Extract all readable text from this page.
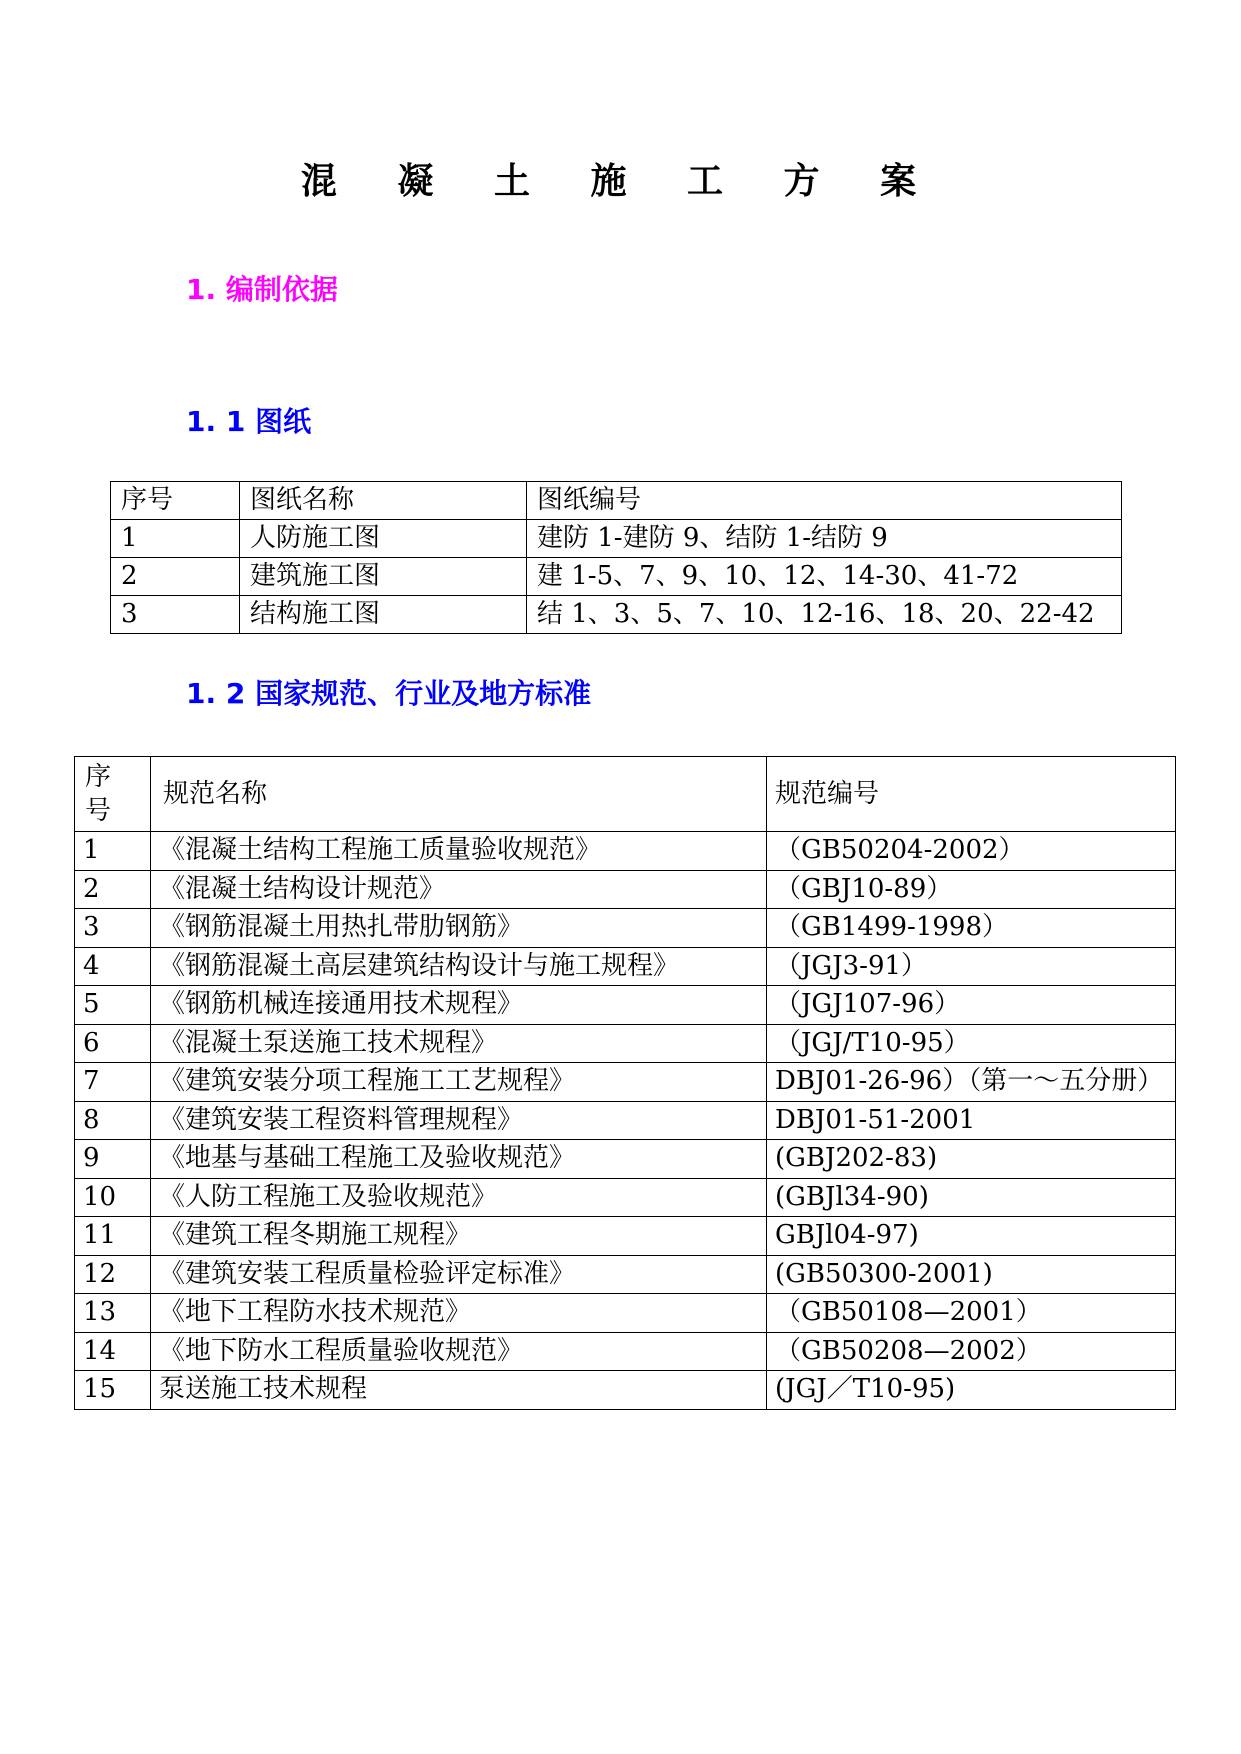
混 凝 土 施 工 方 案
1. 编制依据
1. 1 图纸
序号	图纸名称	图纸编号
1	人防施工图	建防 1-建防 9、结防 1-结防 9
2	建筑施工图	建 1-5、7、9、10、12、14-30、41-72
3	结构施工图	结 1、3、5、7、10、12-16、18、20、22-42
1. 2 国家规范、行业及地方标准
序
号	规范名称	规范编号
1	《混凝土结构工程施工质量验收规范》	（GB50204-2002）
2	《混凝土结构设计规范》	（GBJ10-89）
3	《钢筋混凝土用热扎带肋钢筋》	（GB1499-1998）
4	《钢筋混凝土高层建筑结构设计与施工规程》	（JGJ3-91）
5	《钢筋机械连接通用技术规程》	（JGJ107-96）
6	《混凝土泵送施工技术规程》	（JGJ/T10-95）
7	《建筑安装分项工程施工工艺规程》	DBJ01-26-96）（第一～五分册）
8	《建筑安装工程资料管理规程》	DBJ01-51-2001
9	《地基与基础工程施工及验收规范》	(GBJ202-83)
10	《人防工程施工及验收规范》	(GBJl34-90)
11	《建筑工程冬期施工规程》	GBJl04-97)
12	《建筑安装工程质量检验评定标准》	(GB50300-2001)
13	《地下工程防水技术规范》	（GB50108—2001）
14	《地下防水工程质量验收规范》	（GB50208—2002）
15	泵送施工技术规程	(JGJ／T10-95)
